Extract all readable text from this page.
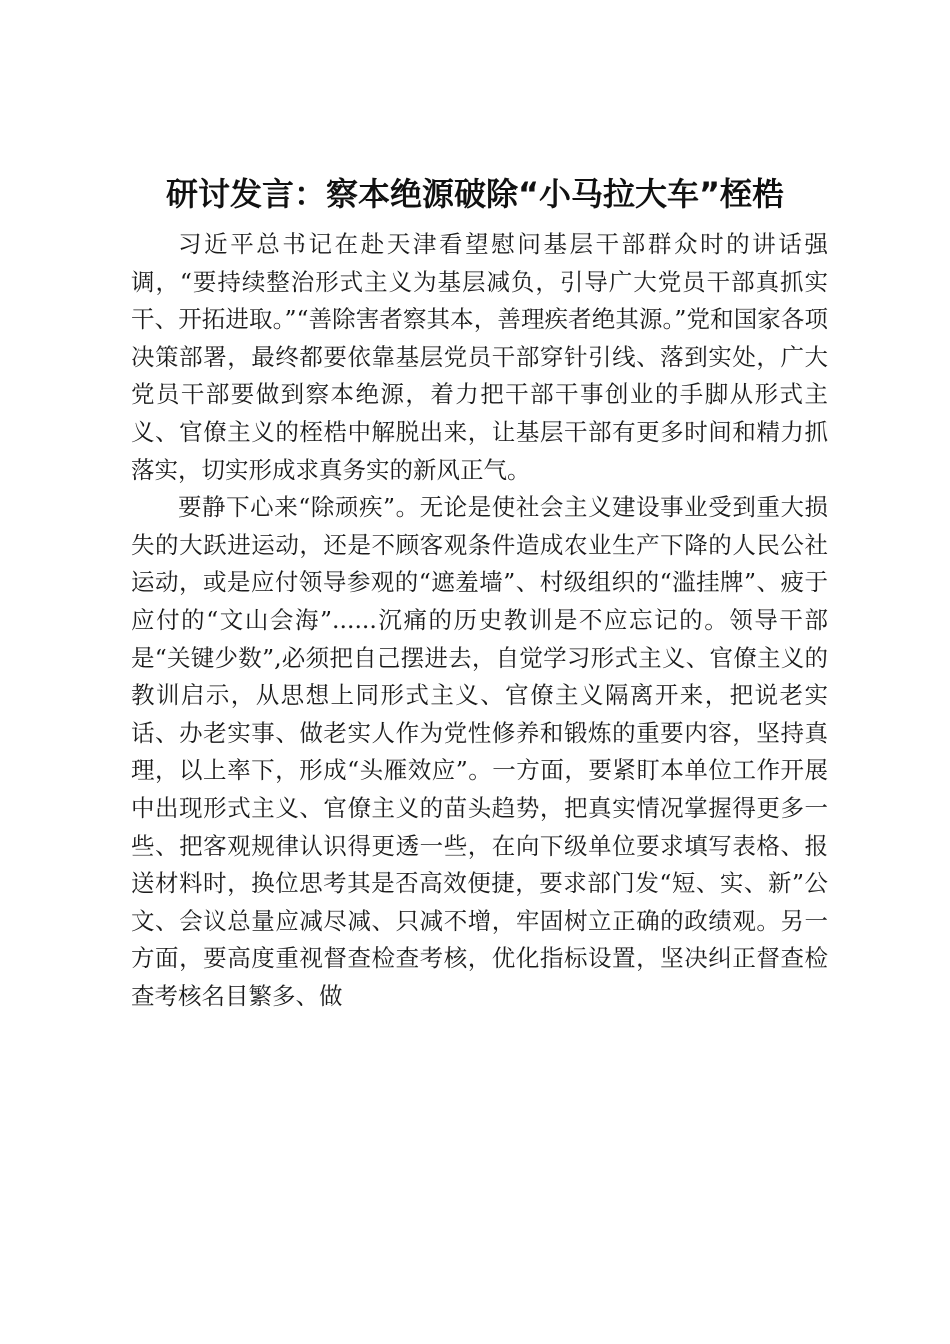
研讨发言：察本绝源破除“小马拉大车”桎梏

习近平总书记在赴天津看望慰问基层干部群众时的讲话强调，“要持续整治形式主义为基层减负，引导广大党员干部真抓实干、开拓进取。”“善除害者察其本，善理疾者绝其源。”党和国家各项决策部署，最终都要依靠基层党员干部穿针引线、落到实处，广大党员干部要做到察本绝源，着力把干部干事创业的手脚从形式主义、官僚主义的桎梏中解脱出来，让基层干部有更多时间和精力抓落实，切实形成求真务实的新风正气。

要静下心来“除顽疾”。无论是使社会主义建设事业受到重大损失的大跃进运动，还是不顾客观条件造成农业生产下降的人民公社运动，或是应付领导参观的“遮羞墙”、村级组织的“滥挂牌”、疲于应付的“文山会海”......沉痛的历史教训是不应忘记的。领导干部是“关键少数”,必须把自己摆进去，自觉学习形式主义、官僚主义的教训启示，从思想上同形式主义、官僚主义隔离开来，把说老实话、办老实事、做老实人作为党性修养和锻炼的重要内容，坚持真理，以上率下，形成“头雁效应”。一方面，要紧盯本单位工作开展中出现形式主义、官僚主义的苗头趋势，把真实情况掌握得更多一些、把客观规律认识得更透一些，在向下级单位要求填写表格、报送材料时，换位思考其是否高效便捷，要求部门发“短、实、新”公文、会议总量应减尽减、只减不增，牢固树立正确的政绩观。另一方面，要高度重视督查检查考核，优化指标设置，坚决纠正督查检查考核名目繁多、做
